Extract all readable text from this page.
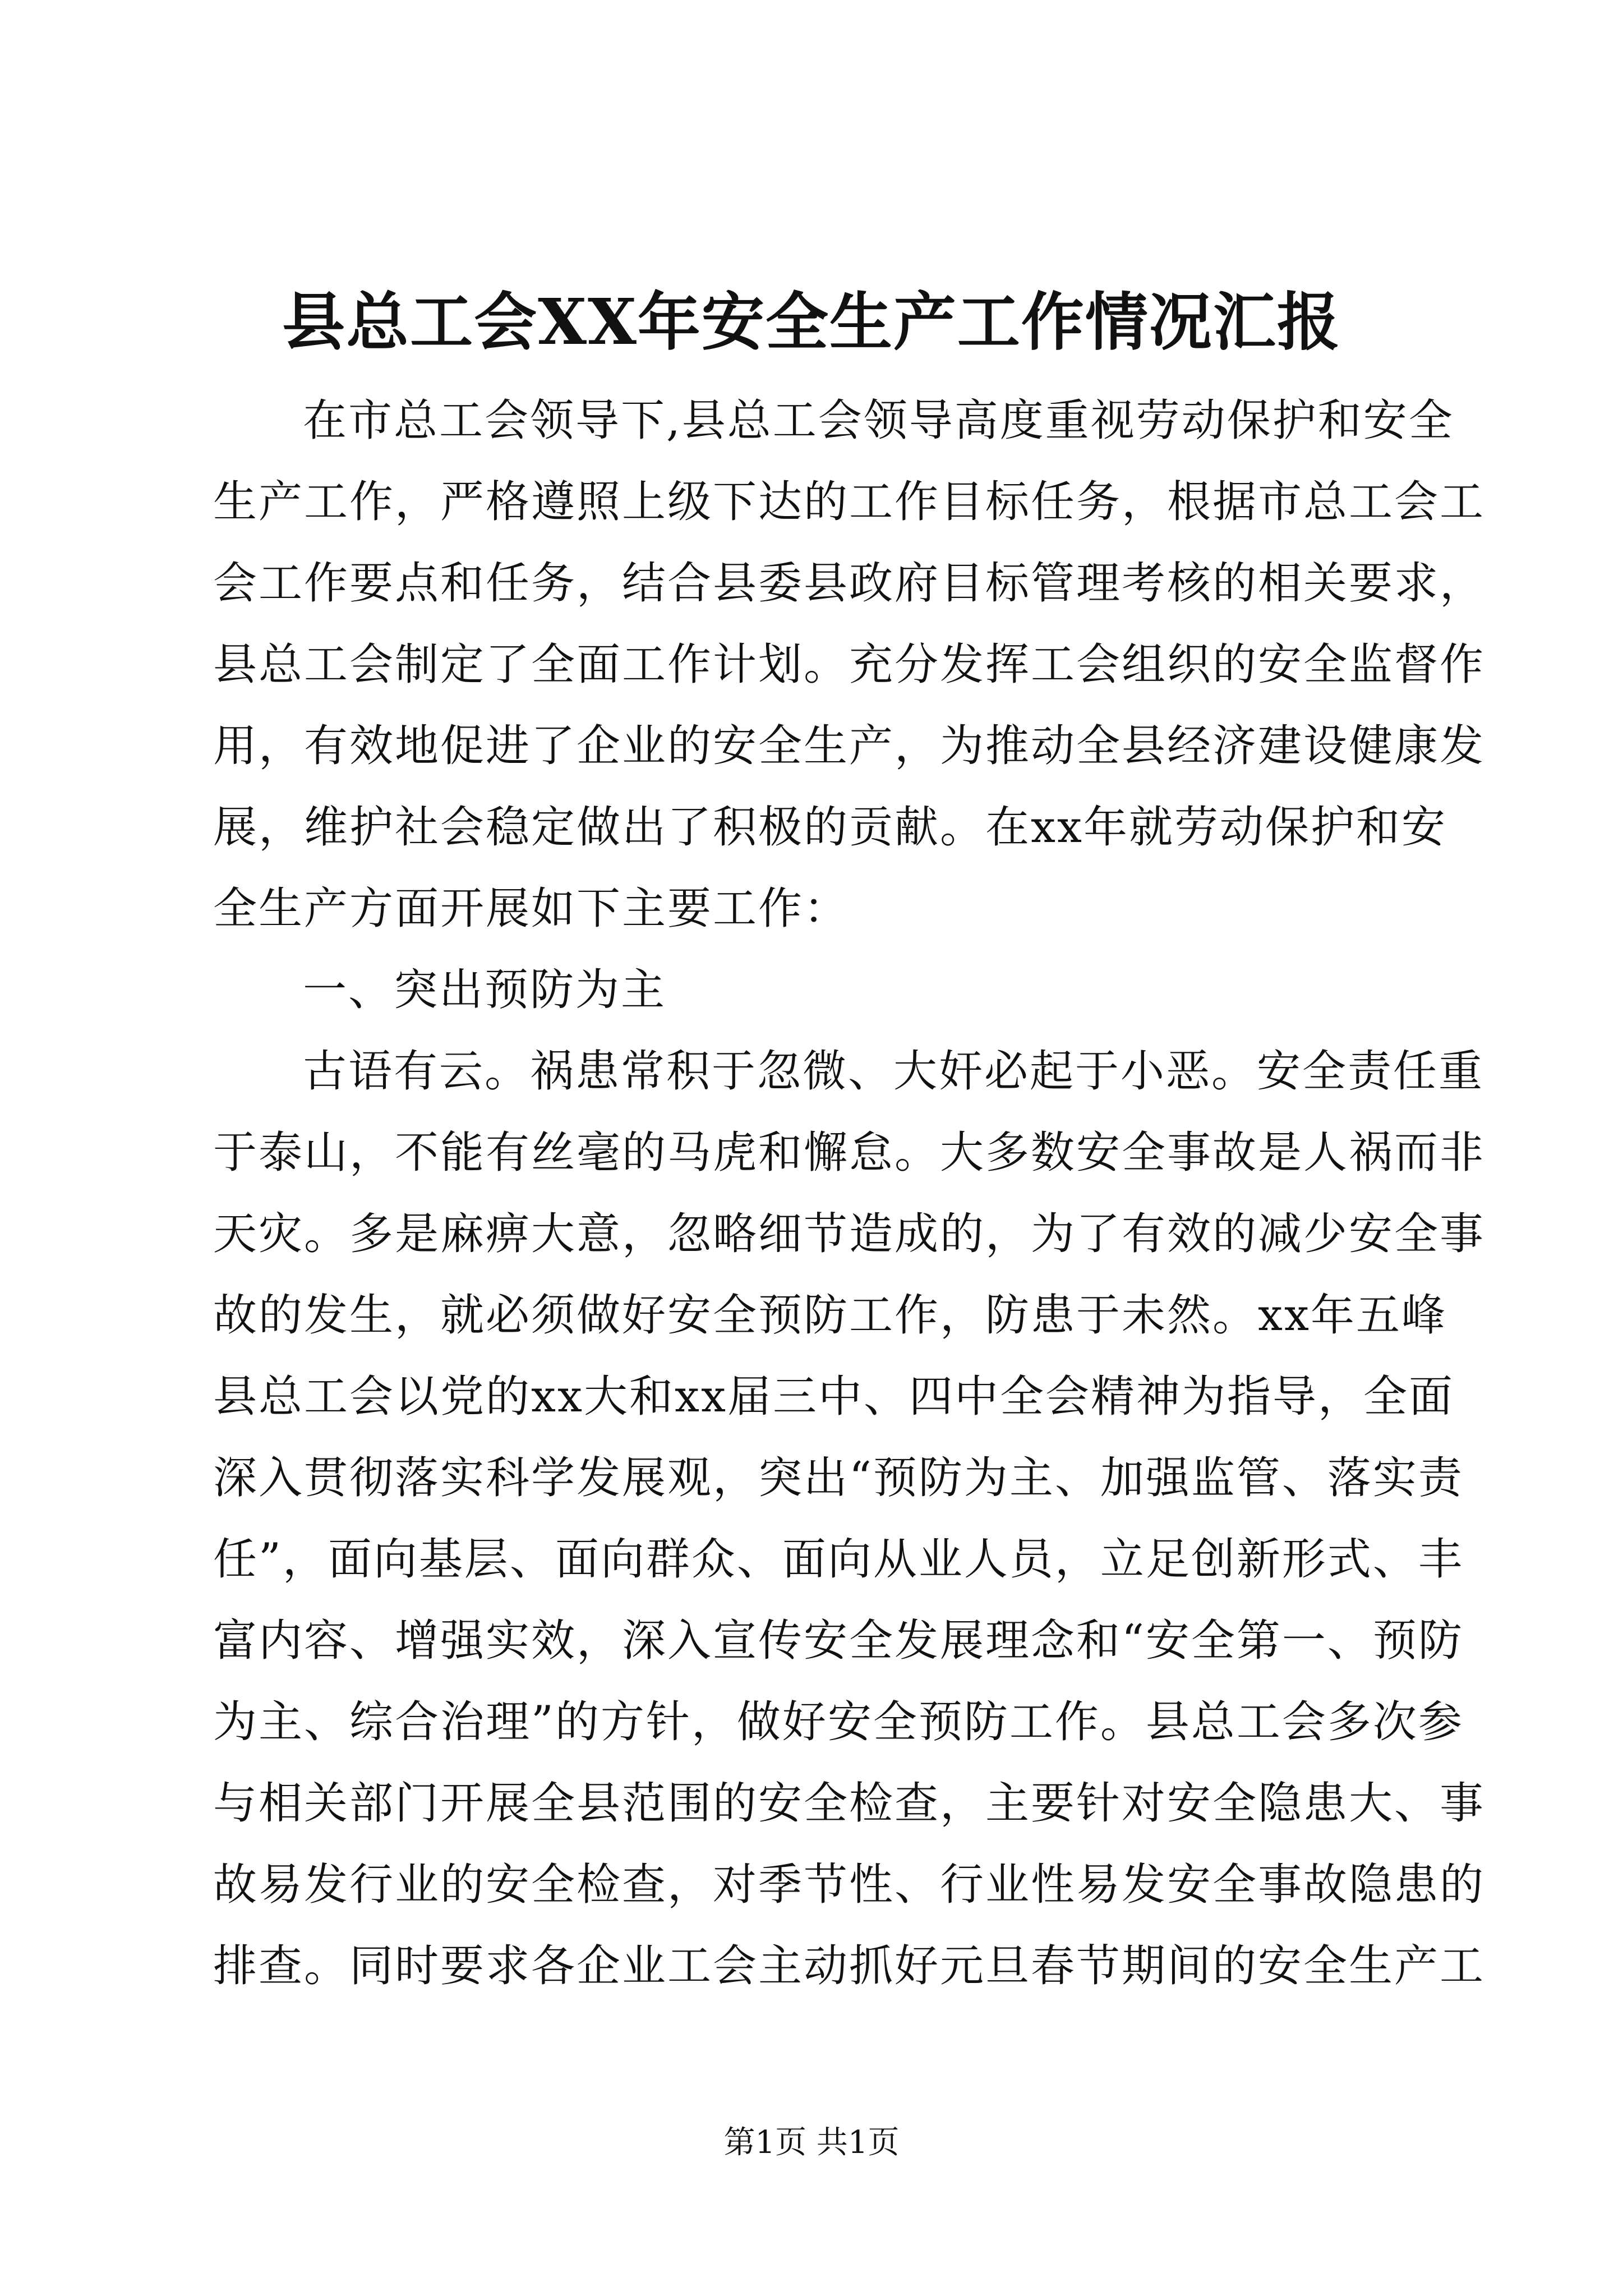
县总工会XX年安全生产工作情况汇报
在市总工会领导下,县总工会领导高度重视劳动保护和安全
生产工作，严格遵照上级下达的工作目标任务，根据市总工会工
会工作要点和任务，结合县委县政府目标管理考核的相关要求，
县总工会制定了全面工作计划。充分发挥工会组织的安全监督作
用，有效地促进了企业的安全生产，为推动全县经济建设健康发
展，维护社会稳定做出了积极的贡献。在xx年就劳动保护和安
全生产方面开展如下主要工作：
一、突出预防为主
古语有云。祸患常积于忽微、大奸必起于小恶。安全责任重
于泰山，不能有丝毫的马虎和懈怠。大多数安全事故是人祸而非
天灾。多是麻痹大意，忽略细节造成的，为了有效的减少安全事
故的发生，就必须做好安全预防工作，防患于未然。xx年五峰
县总工会以党的xx大和xx届三中、四中全会精神为指导，全面
深入贯彻落实科学发展观，突出“预防为主、加强监管、落实责
任”，面向基层、面向群众、面向从业人员，立足创新形式、丰
富内容、增强实效，深入宣传安全发展理念和“安全第一、预防
为主、综合治理”的方针，做好安全预防工作。县总工会多次参
与相关部门开展全县范围的安全检查，主要针对安全隐患大、事
故易发行业的安全检查，对季节性、行业性易发安全事故隐患的
排查。同时要求各企业工会主动抓好元旦春节期间的安全生产工
第1页 共1页
